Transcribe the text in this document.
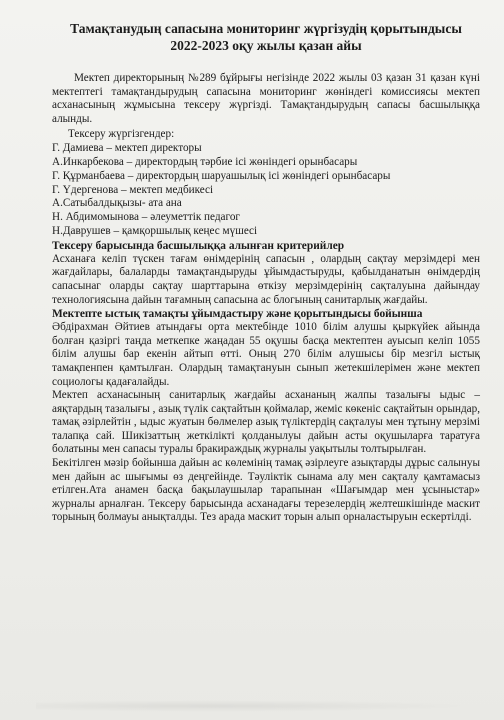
Тамақтанудың сапасына мониторинг жүргізудің қорытындысы
2022-2023 оқу жылы қазан айы

Мектеп директорының №289 бұйрығы негізінде 2022 жылы 03 қазан 31 қазан күні мектептегі тамақтандырудың сапасына мониторинг жөніндегі комиссиясы мектеп асханасының жұмысына тексеру жүргізді. Тамақтандырудың сапасы басшылыққа алынды.

Тексеру жүргізгендер:

Г. Дамиева – мектеп директоры

А.Инкарбекова – директордың тәрбие ісі жөніндегі орынбасары

Г. Құрманбаева – директордың шаруашылық ісі жөніндегі орынбасары

Г. Үдергенова – мектеп медбикесі

А.Сатыбалдықызы- ата ана

Н. Абдимомынова – әлеуметтік педагог

Н.Даврушев – қамқоршылық кеңес мүшесі

Тексеру барысында басшылыққа алынған критерийлер

Асханаға келіп түскен тағам өнімдерінің сапасын , олардың сақтау мерзімдері мен жағдайлары, балаларды тамақтандыруды ұйымдастыруды, қабылданатын өнімдердің сапасынаг оларды сақтау шарттарына өткізу мерзімдерінің сақталуына дайындау технологиясына дайын тағамның сапасына ас блогының санитарлық жағдайы.

Мектепте ыстық тамақты ұйымдастыру және қорытындысы бойынша

Әбдірахман Әйтиев атындағы орта мектебінде 1010 білім алушы қыркүйек айында болған қазіргі таңда меткепке жаңадан 55 оқушы басқа мектептен ауысып келіп 1055 білім алушы бар екенін айтып өтті. Оның 270 білім алушысы бір мезгіл ыстық тамақпенпен қамтылған. Олардың тамақтануын сынып жетекшілерімен және мектеп социологы қадағалайды.

Мектеп асханасының санитарлық жағдайы асхананың жалпы тазалығы ыдыс – аяқтардың тазалығы , азық түлік сақтайтын қоймалар, жеміс көкеніс сақтайтын орындар, тамақ әзірлейтін , ыдыс жуатын бөлмелер азық түліктердің сақталуы мен тұтыну мерзімі талапқа сай. Шикізаттың жеткіліктi қолданылуы дайын асты оқушыларға таратуға болатыны мен сапасы туралы бракираждық журналы уақытылы толтырылған.

Бекітілген мәзір бойынша дайын ас көлемінің тамақ әзірлеуге азықтарды дұрыс салынуы мен дайын ас шығымы өз деңгейінде. Тәуліктік сынама алу мен сақталу қамтамасыз етілген.Ата анамен басқа бақылаушылар тарапынан «Шағымдар мен ұсыныстар» журналы арналған. Тексеру барысында асханадағы терезелердің желтешкішінде маскит торының болмауы анықталды. Тез арада маскит торын алып орналастыруын ескертілді.
